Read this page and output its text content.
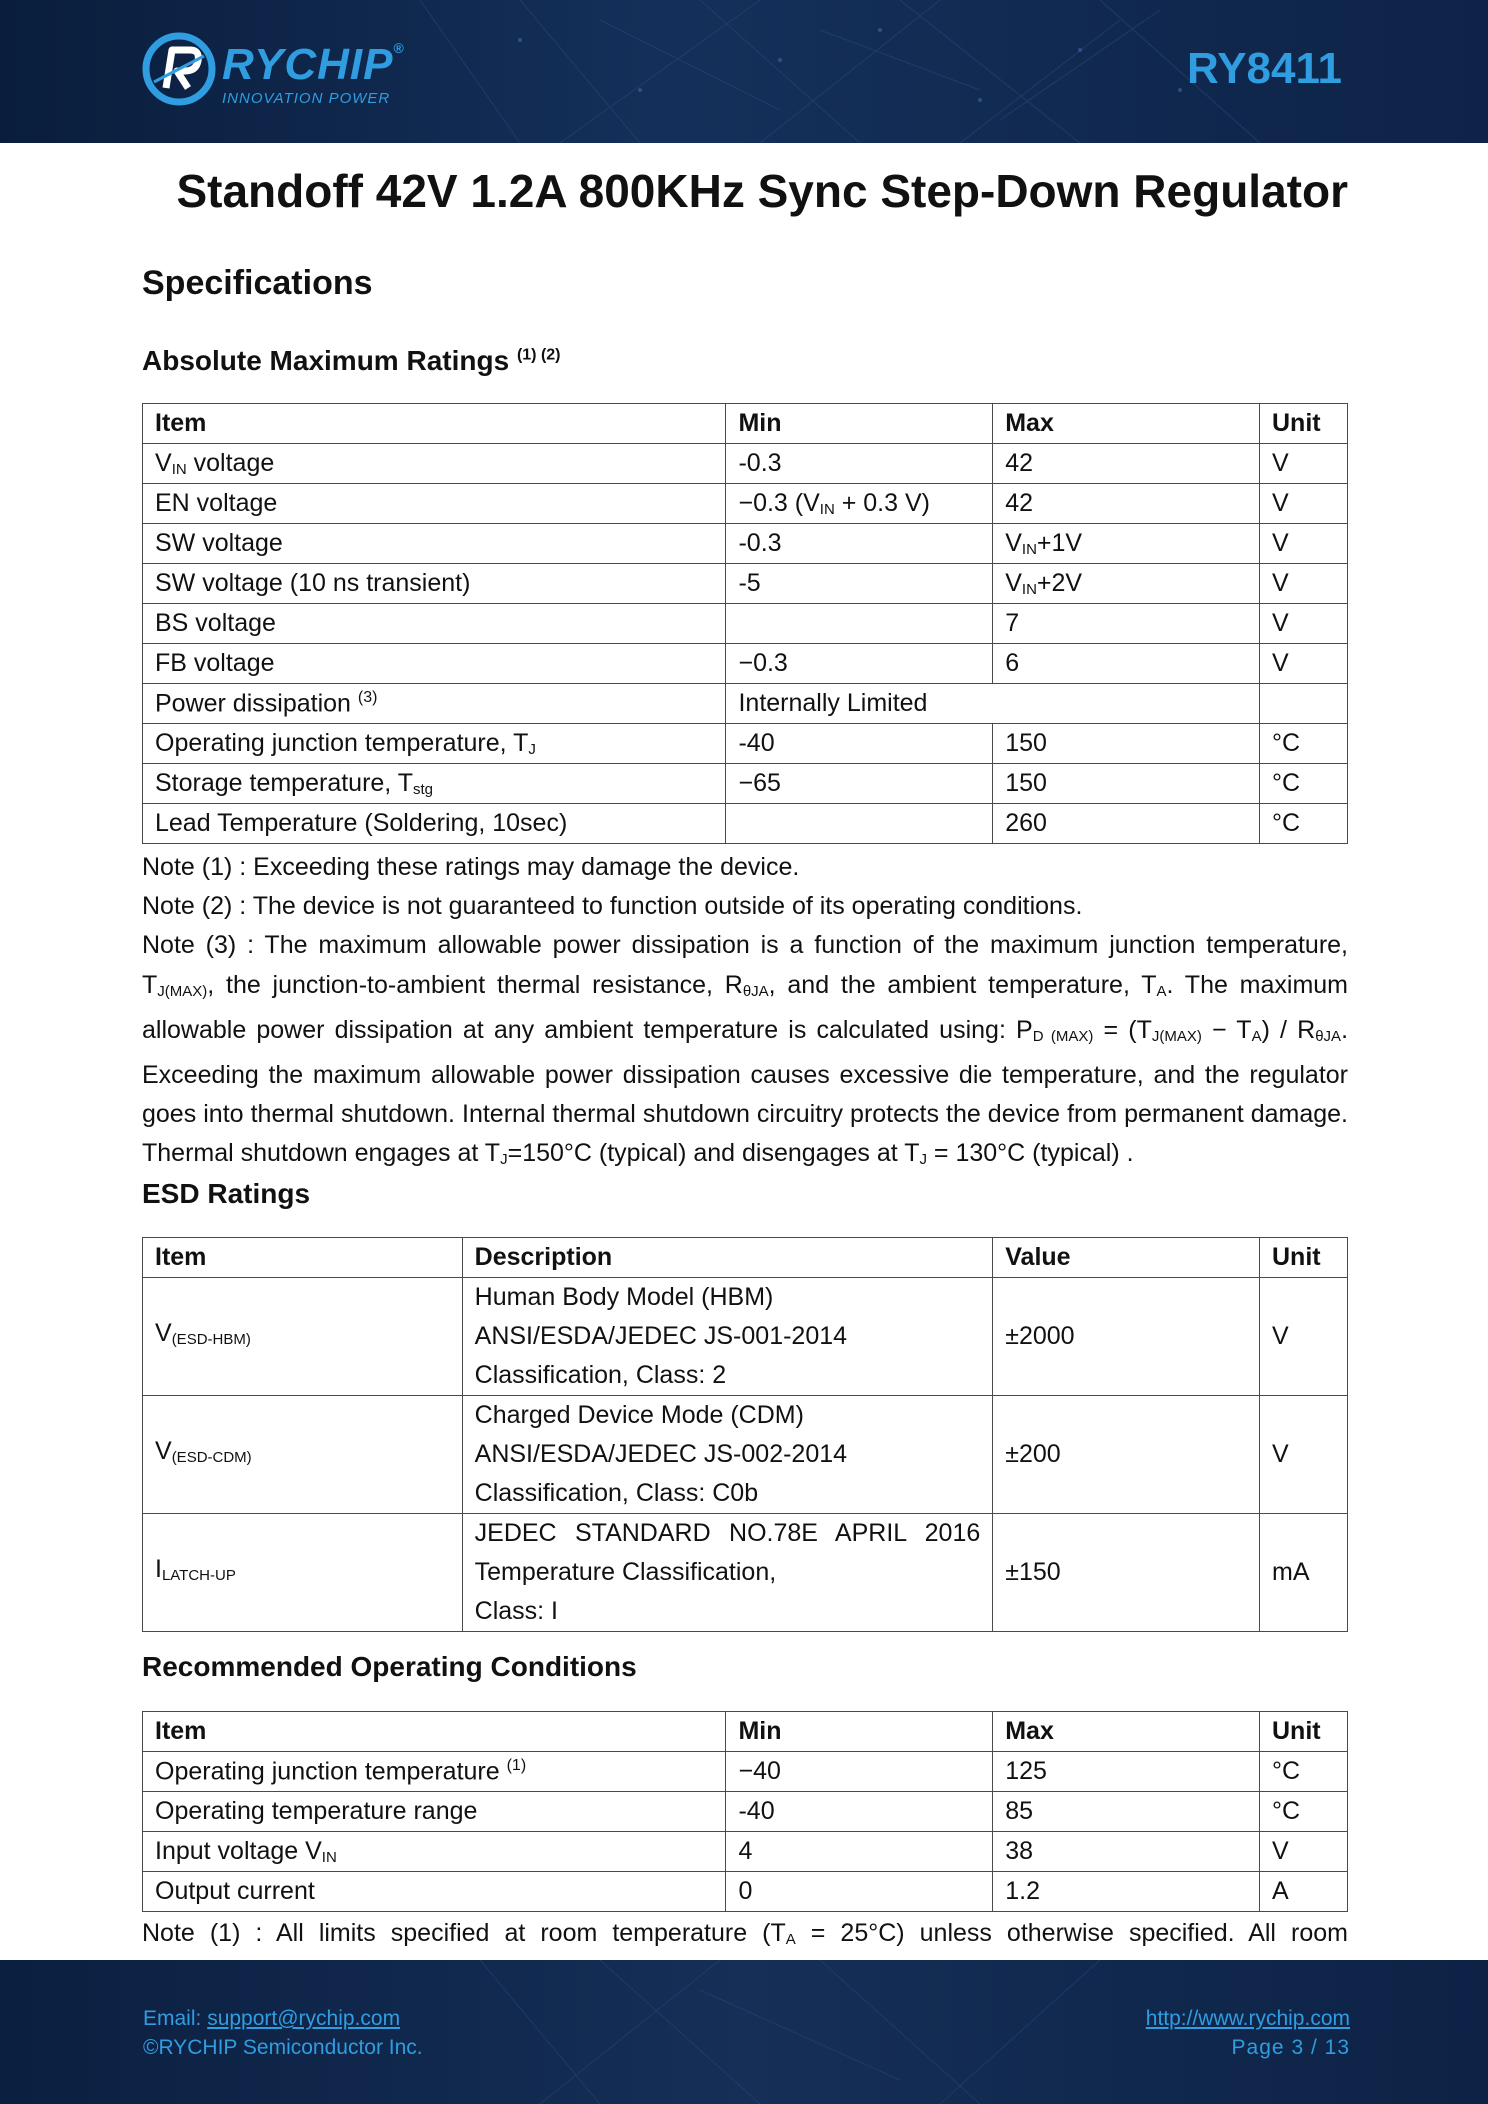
RYCHIP®
INNOVATION POWER
RY8411
Standoff 42V 1.2A 800KHz Sync Step-Down Regulator
Specifications
Absolute Maximum Ratings $^{(1) (2)}$
Item	Min	Max	Unit
$V_{IN}$ voltage	-0.3	42	V
EN voltage	−0.3 ($V_{IN} + 0.3$ V)	42	V
SW voltage	-0.3	$V_{IN}+1V$	V
SW voltage (10 ns transient)	-5	$V_{IN}+2V$	V
BS voltage		7	V
FB voltage	−0.3	6	V
Power dissipation $^{(3)}$	Internally Limited		
Operating junction temperature, $T_J$	-40	150	°C
Storage temperature, $T_{stg}$	−65	150	°C
Lead Temperature (Soldering, 10sec)		260	°C

Note (1) : Exceeding these ratings may damage the device.

Note (2) : The device is not guaranteed to function outside of its operating conditions.

Note (3) : The maximum allowable power dissipation is a function of the maximum junction temperature, $T_{J(MAX)}$, the junction-to-ambient thermal resistance, $R_{\theta JA}$, and the ambient temperature, $T_A$. The maximum allowable power dissipation at any ambient temperature is calculated using: $P_{D (MAX)} = (T_{J(MAX)} - T_A) / R_{\theta JA}$. Exceeding the maximum allowable power dissipation causes excessive die temperature, and the regulator goes into thermal shutdown. Internal thermal shutdown circuitry protects the device from permanent damage. Thermal shutdown engages at $T_J=150^\circ C$ (typical) and disengages at $T_J = 130^\circ C$ (typical) .

ESD Ratings
Item	Description	Value	Unit
$V_{(ESD-HBM)}$	Human Body Model (HBM)
ANSI/ESDA/JEDEC JS-001-2014
Classification, Class: 2	±2000	V
$V_{(ESD-CDM)}$	Charged Device Mode (CDM)
ANSI/ESDA/JEDEC JS-002-2014
Classification, Class: C0b	±200	V
$I_{LATCH-UP}$	JEDEC STANDARD NO.78E APRIL 2016
Temperature Classification,
Class: I	±150	mA
Recommended Operating Conditions
Item	Min	Max	Unit
Operating junction temperature $^{(1)}$	−40	125	°C
Operating temperature range	-40	85	°C
Input voltage $V_{IN}$	4	38	V
Output current	0	1.2	A

Note (1) : All limits specified at room temperature $(T_A = 25^\circ C)$ unless otherwise specified. All room

Email: support@rychip.com
©RYCHIP Semiconductor Inc.
http://www.rychip.com
Page 3 / 13
